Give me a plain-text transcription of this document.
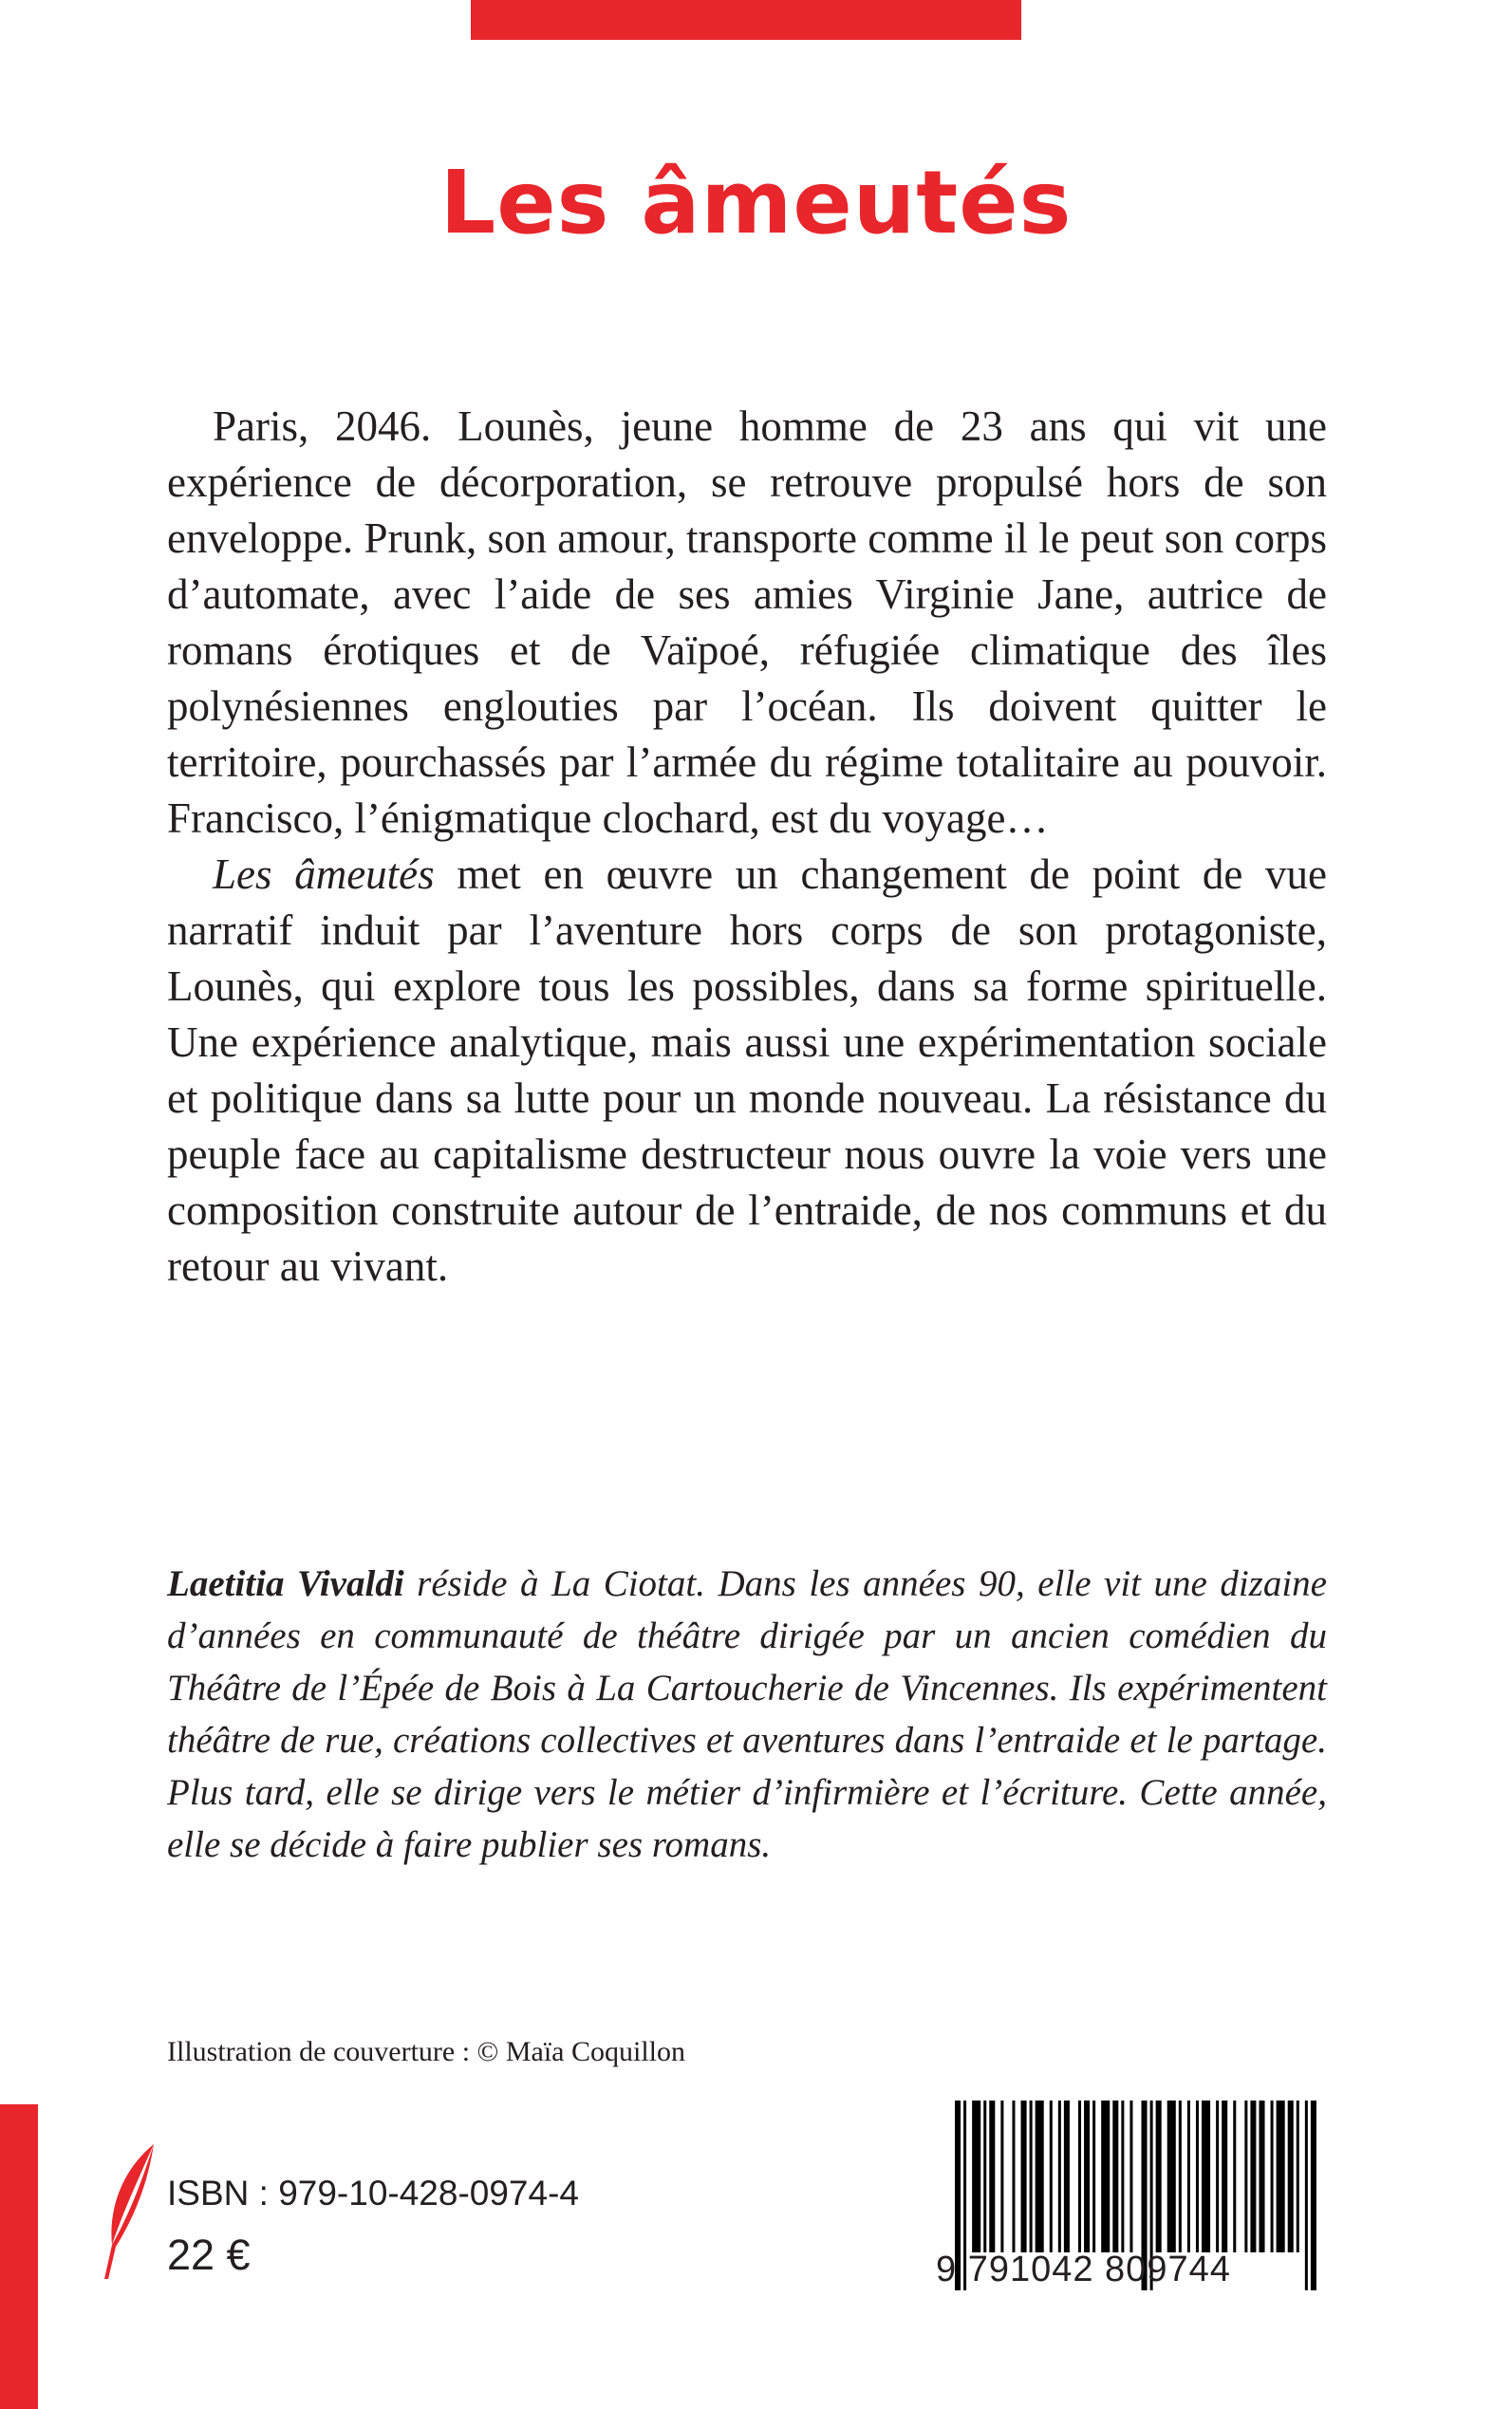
Les âmeutés

Paris, 2046. Lounès, jeune homme de 23 ans qui vit une expérience de décorporation, se retrouve propulsé hors de son enveloppe. Prunk, son amour, transporte comme il le peut son corps d’automate, avec l’aide de ses amies Virginie Jane, autrice de romans érotiques et de Vaïpoé, réfugiée climatique des îles polynésiennes englouties par l’océan. Ils doivent quitter le territoire, pourchassés par l’armée du régime totalitaire au pouvoir. Francisco, l’énigmatique clochard, est du voyage…

Les âmeutés met en œuvre un changement de point de vue narratif induit par l’aventure hors corps de son protagoniste, Lounès, qui explore tous les possibles, dans sa forme spirituelle. Une expérience analytique, mais aussi une expérimentation sociale et politique dans sa lutte pour un monde nouveau. La résistance du peuple face au capitalisme destructeur nous ouvre la voie vers une composition construite autour de l’entraide, de nos communs et du retour au vivant.

Laetitia Vivaldi réside à La Ciotat. Dans les années 90, elle vit une dizaine d’années en communauté de théâtre dirigée par un ancien comédien du Théâtre de l’Épée de Bois à La Cartoucherie de Vincennes. Ils expérimentent théâtre de rue, créations collectives et aventures dans l’entraide et le partage. Plus tard, elle se dirige vers le métier d’infirmière et l’écriture. Cette année, elle se décide à faire publier ses romans.

Illustration de couverture : © Maïa Coquillon

ISBN : 979-10-428-0974-4

22 €	9 791042 809744
